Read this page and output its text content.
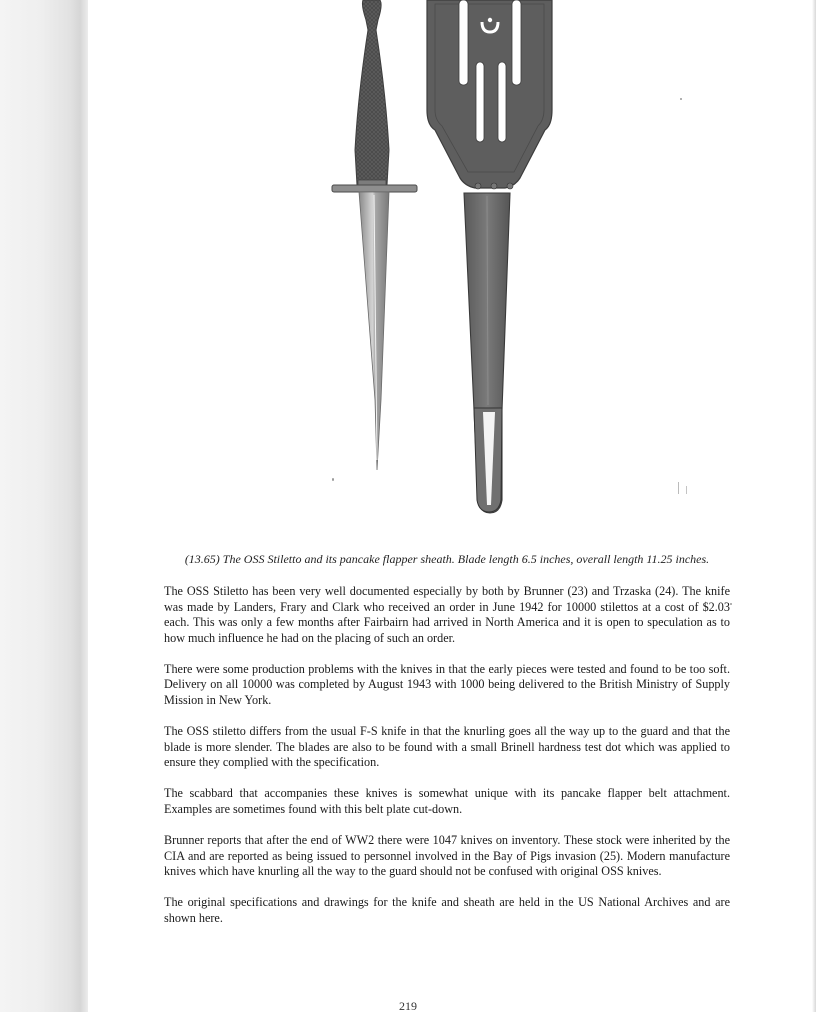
(13.65) The OSS Stiletto and its pancake flapper sheath. Blade length 6.5 inches, overall length 11.25 inches.

The OSS Stiletto has been very well documented especially by both by Brunner (23) and Trzaska (24). The knife was made by Landers, Frary and Clark who received an order in June 1942 for 10000 stilettos at a cost of $2.03 each. This was only a few months after Fairbairn had arrived in North America and it is open to speculation as to how much influence he had on the placing of such an order.

There were some production problems with the knives in that the early pieces were tested and found to be too soft. Delivery on all 10000 was completed by August 1943 with 1000 being delivered to the British Ministry of Supply Mission in New York.

The OSS stiletto differs from the usual F-S knife in that the knurling goes all the way up to the guard and that the blade is more slender. The blades are also to be found with a small Brinell hardness test dot which was applied to ensure they complied with the specification.

The scabbard that accompanies these knives is somewhat unique with its pancake flapper belt attachment. Examples are sometimes found with this belt plate cut-down.

Brunner reports that after the end of WW2 there were 1047 knives on inventory. These stock were inherited by the CIA and are reported as being issued to personnel involved in the Bay of Pigs invasion (25). Modern manufacture knives which have knurling all the way to the guard should not be confused with original OSS knives.

The original specifications and drawings for the knife and sheath are held in the US National Archives and are shown here.

219
